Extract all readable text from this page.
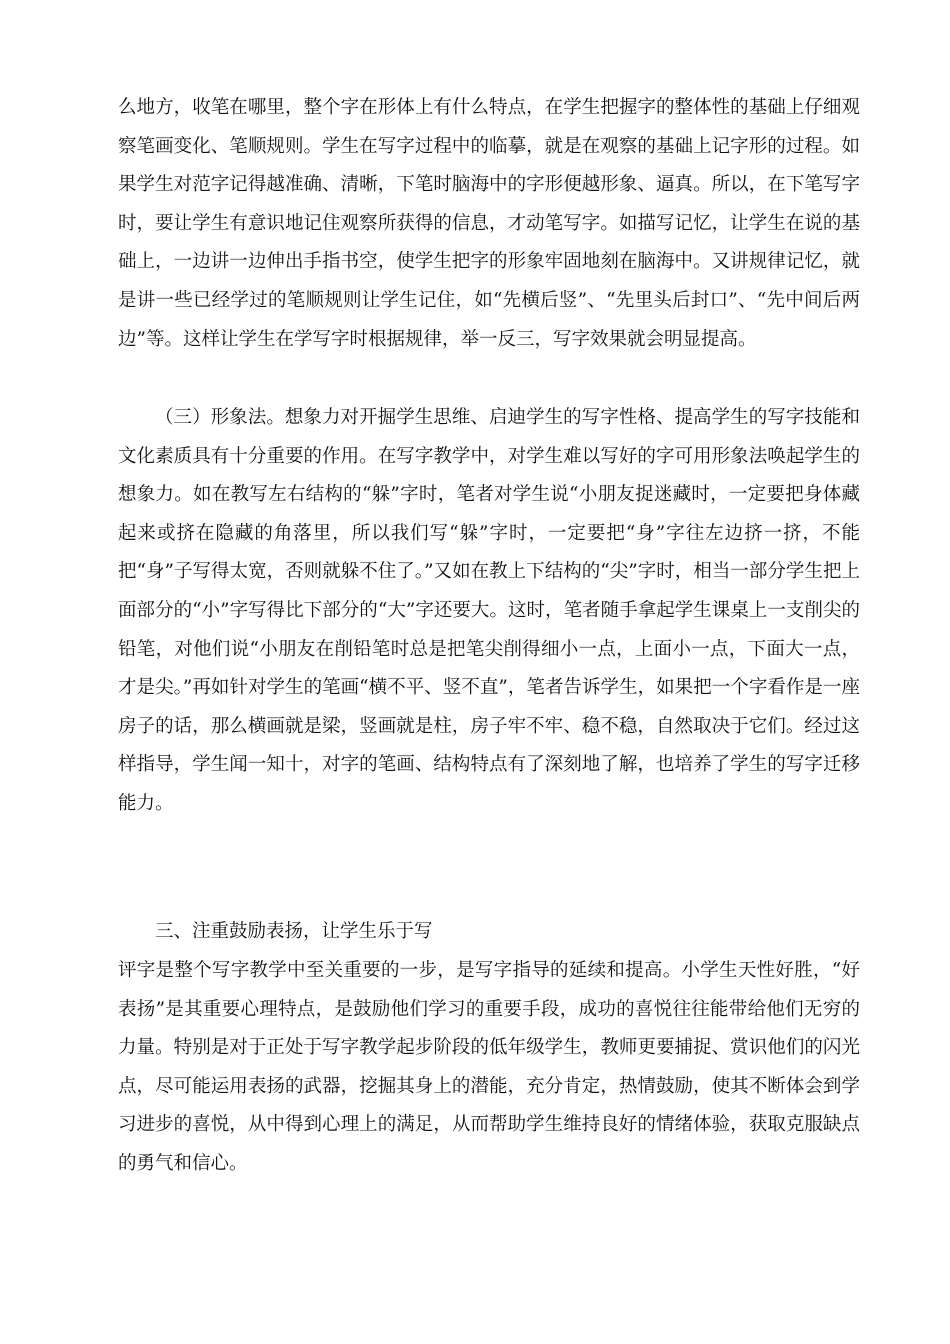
么地方，收笔在哪里，整个字在形体上有什么特点，在学生把握字的整体性的基础上仔细观察笔画变化、笔顺规则。学生在写字过程中的临摹，就是在观察的基础上记字形的过程。如果学生对范字记得越准确、清晰，下笔时脑海中的字形便越形象、逼真。所以，在下笔写字时，要让学生有意识地记住观察所获得的信息，才动笔写字。如描写记忆，让学生在说的基础上，一边讲一边伸出手指书空，使学生把字的形象牢固地刻在脑海中。又讲规律记忆，就是讲一些已经学过的笔顺规则让学生记住，如“先横后竖”、“先里头后封口”、“先中间后两边”等。这样让学生在学写字时根据规律，举一反三，写字效果就会明显提高。

（三）形象法。想象力对开掘学生思维、启迪学生的写字性格、提高学生的写字技能和文化素质具有十分重要的作用。在写字教学中，对学生难以写好的字可用形象法唤起学生的想象力。如在教写左右结构的“躲”字时，笔者对学生说“小朋友捉迷藏时，一定要把身体藏起来或挤在隐藏的角落里，所以我们写“躲”字时，一定要把“身”字往左边挤一挤，不能把“身”子写得太宽，否则就躲不住了。”又如在教上下结构的“尖”字时，相当一部分学生把上面部分的“小”字写得比下部分的“大”字还要大。这时，笔者随手拿起学生课桌上一支削尖的铅笔，对他们说“小朋友在削铅笔时总是把笔尖削得细小一点，上面小一点，下面大一点，才是尖。”再如针对学生的笔画“横不平、竖不直”，笔者告诉学生，如果把一个字看作是一座房子的话，那么横画就是梁，竖画就是柱，房子牢不牢、稳不稳，自然取决于它们。经过这样指导，学生闻一知十，对字的笔画、结构特点有了深刻地了解，也培养了学生的写字迁移能力。

三、注重鼓励表扬，让学生乐于写

评字是整个写字教学中至关重要的一步，是写字指导的延续和提高。小学生天性好胜，“好表扬”是其重要心理特点，是鼓励他们学习的重要手段，成功的喜悦往往能带给他们无穷的力量。特别是对于正处于写字教学起步阶段的低年级学生，教师更要捕捉、赏识他们的闪光点，尽可能运用表扬的武器，挖掘其身上的潜能，充分肯定，热情鼓励，使其不断体会到学习进步的喜悦，从中得到心理上的满足，从而帮助学生维持良好的情绪体验，获取克服缺点的勇气和信心。
